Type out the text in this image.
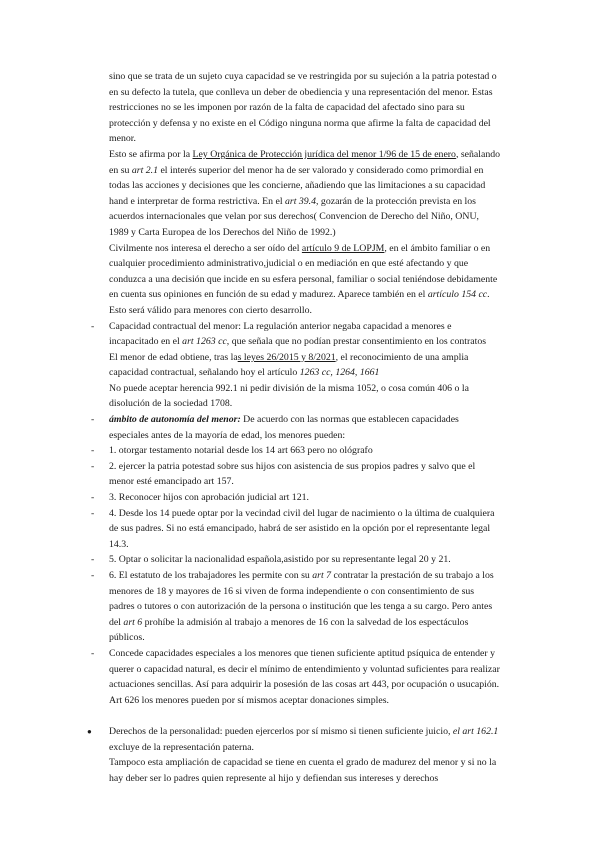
sino que se trata de un sujeto cuya capacidad se ve restringida por su sujeción a la patria potestad o en su defecto la tutela, que conlleva un deber de obediencia y una representación del menor. Estas restricciones no se les imponen por razón de la falta de capacidad del afectado sino para su protección y defensa y no existe en el Código ninguna norma que afirme la falta de capacidad del menor.

Esto se afirma por la Ley Orgánica de Protección jurídica del menor 1/96 de 15 de enero, señalando en su art 2.1 el interés superior del menor ha de ser valorado y considerado como primordial en todas las acciones y decisiones que les concierne, añadiendo que las limitaciones a su capacidad hand e interpretar de forma restrictiva. En el art 39.4, gozarán de la protección prevista en los acuerdos internacionales que velan por sus derechos( Convencion de Derecho del Niño, ONU, 1989 y Carta Europea de los Derechos del Niño de 1992.)

Civilmente nos interesa el derecho a ser oído del artículo 9 de LOPJM, en el ámbito familiar o en cualquier procedimiento administrativo,judicial o en mediación en que esté afectando y que conduzca a una decisión que incide en su esfera personal, familiar o social teniéndose debidamente en cuenta sus opiniones en función de su edad y madurez. Aparece también en el artículo 154 cc. Esto será válido para menores con cierto desarrollo.

- Capacidad contractual del menor: La regulación anterior negaba capacidad a menores e incapacitado en el art 1263 cc, que señala que no podían prestar consentimiento en los contratos

El menor de edad obtiene, tras las leyes 26/2015 y 8/2021, el reconocimiento de una amplia capacidad contractual, señalando hoy el artículo 1263 cc, 1264, 1661

No puede aceptar herencia 992.1 ni pedir división de la misma 1052, o cosa común 406 o la disolución de la sociedad 1708.

- ámbito de autonomía del menor: De acuerdo con las normas que establecen capacidades especiales antes de la mayoría de edad, los menores pueden:

- 1. otorgar testamento notarial desde los 14 art 663 pero no ológrafo

- 2. ejercer la patria potestad sobre sus hijos con asistencia de sus propios padres y salvo que el menor esté emancipado art 157.

- 3. Reconocer hijos con aprobación judicial art 121.

- 4. Desde los 14 puede optar por la vecindad civil del lugar de nacimiento o la última de cualquiera de sus padres. Si no está emancipado, habrá de ser asistido en la opción por el representante legal 14.3.

- 5. Optar o solicitar la nacionalidad española,asistido por su representante legal 20 y 21.

- 6. El estatuto de los trabajadores les permite con su art 7 contratar la prestación de su trabajo a los menores de 18 y mayores de 16 si viven de forma independiente o con consentimiento de sus padres o tutores o con autorización de la persona o institución que les tenga a su cargo. Pero antes del art 6 prohíbe la admisión al trabajo a menores de 16 con la salvedad de los espectáculos públicos.

- Concede capacidades especiales a los menores que tienen suficiente aptitud psíquica de entender y querer o capacidad natural, es decir el mínimo de entendimiento y voluntad suficientes para realizar actuaciones sencillas. Así para adquirir la posesión de las cosas art 443, por ocupación o usucapión. Art 626 los menores pueden por sí mismos aceptar donaciones simples.

● Derechos de la personalidad: pueden ejercerlos por sí mismo si tienen suficiente juicio, el art 162.1 excluye de la representación paterna.

Tampoco esta ampliación de capacidad se tiene en cuenta el grado de madurez del menor y si no la hay deber ser lo padres quien represente al hijo y defiendan sus intereses y derechos
